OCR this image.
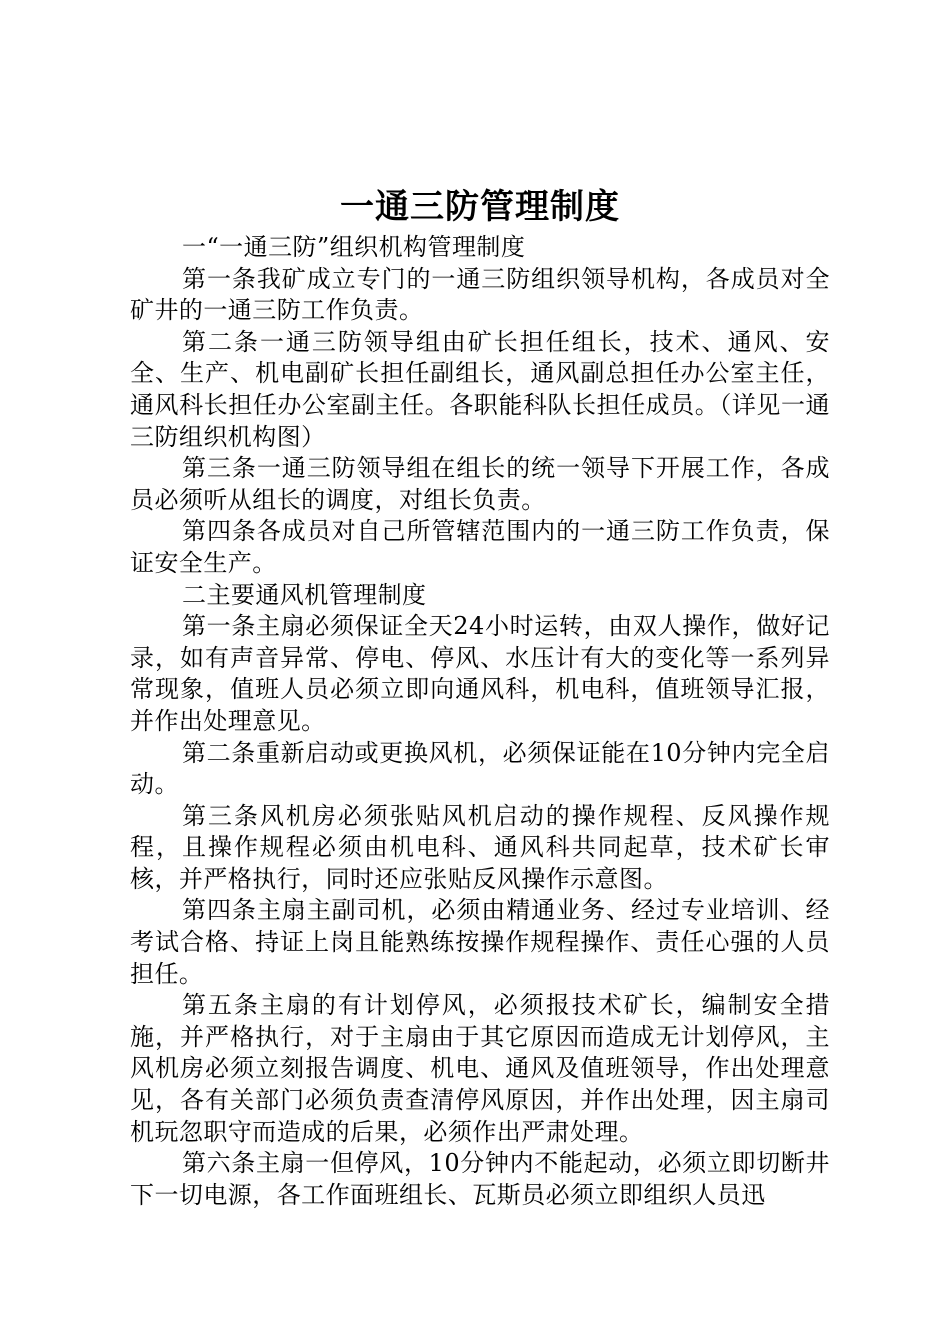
一通三防管理制度

一“一通三防”组织机构管理制度

第一条我矿成立专门的一通三防组织领导机构，各成员对全矿井的一通三防工作负责。

第二条一通三防领导组由矿长担任组长，技术、通风、安全、生产、机电副矿长担任副组长，通风副总担任办公室主任，通风科长担任办公室副主任。各职能科队长担任成员。（详见一通三防组织机构图）

第三条一通三防领导组在组长的统一领导下开展工作，各成员必须听从组长的调度，对组长负责。

第四条各成员对自己所管辖范围内的一通三防工作负责，保证安全生产。

二主要通风机管理制度

第一条主扇必须保证全天24小时运转，由双人操作，做好记录，如有声音异常、停电、停风、水压计有大的变化等一系列异常现象，值班人员必须立即向通风科，机电科，值班领导汇报，并作出处理意见。

第二条重新启动或更换风机，必须保证能在10分钟内完全启动。

第三条风机房必须张贴风机启动的操作规程、反风操作规程，且操作规程必须由机电科、通风科共同起草，技术矿长审核，并严格执行，同时还应张贴反风操作示意图。

第四条主扇主副司机，必须由精通业务、经过专业培训、经考试合格、持证上岗且能熟练按操作规程操作、责任心强的人员担任。

第五条主扇的有计划停风，必须报技术矿长，编制安全措施，并严格执行，对于主扇由于其它原因而造成无计划停风，主风机房必须立刻报告调度、机电、通风及值班领导，作出处理意见，各有关部门必须负责查清停风原因，并作出处理，因主扇司机玩忽职守而造成的后果，必须作出严肃处理。

第六条主扇一但停风，10分钟内不能起动，必须立即切断井下一切电源，各工作面班组长、瓦斯员必须立即组织人员迅
